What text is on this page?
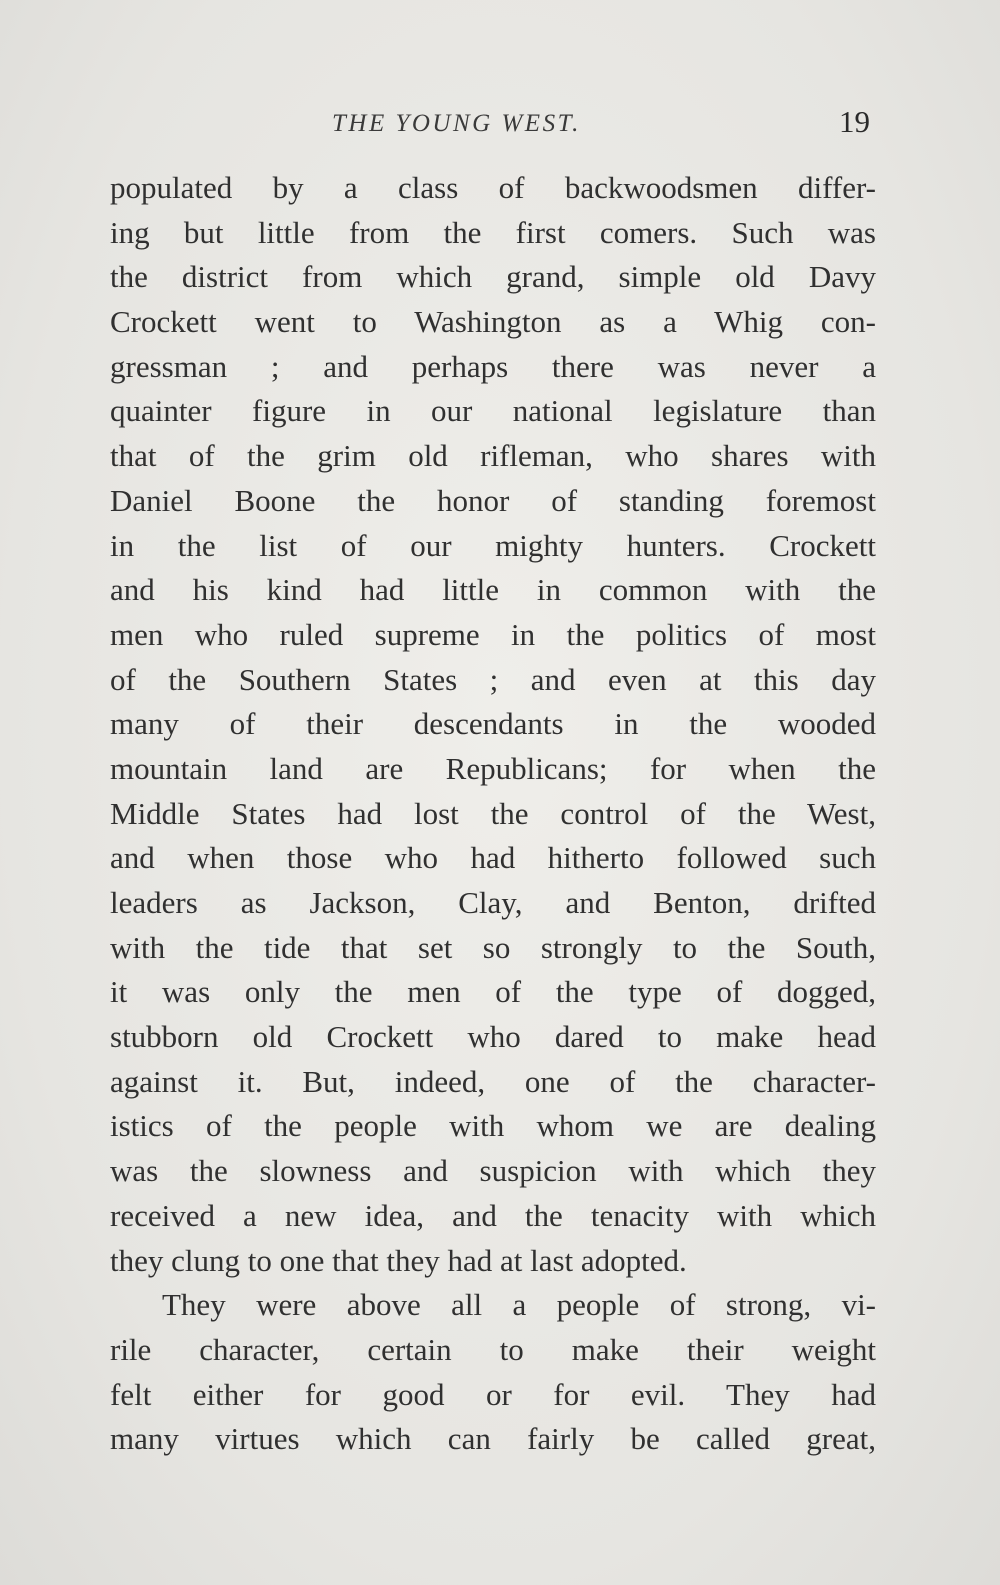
THE YOUNG WEST.	19
populated by a class of backwoodsmen differ-
ing but little from the first comers. Such was
the district from which grand, simple old Davy
Crockett went to Washington as a Whig con-
gressman ; and perhaps there was never a
quainter figure in our national legislature than
that of the grim old rifleman, who shares with
Daniel Boone the honor of standing foremost
in the list of our mighty hunters. Crockett
and his kind had little in common with the
men who ruled supreme in the politics of most
of the Southern States ; and even at this day
many of their descendants in the wooded
mountain land are Republicans; for when the
Middle States had lost the control of the West,
and when those who had hitherto followed such
leaders as Jackson, Clay, and Benton, drifted
with the tide that set so strongly to the South,
it was only the men of the type of dogged,
stubborn old Crockett who dared to make head
against it. But, indeed, one of the character-
istics of the people with whom we are dealing
was the slowness and suspicion with which they
received a new idea, and the tenacity with which
they clung to one that they had at last adopted.
They were above all a people of strong, vi-
rile character, certain to make their weight
felt either for good or for evil. They had
many virtues which can fairly be called great,
